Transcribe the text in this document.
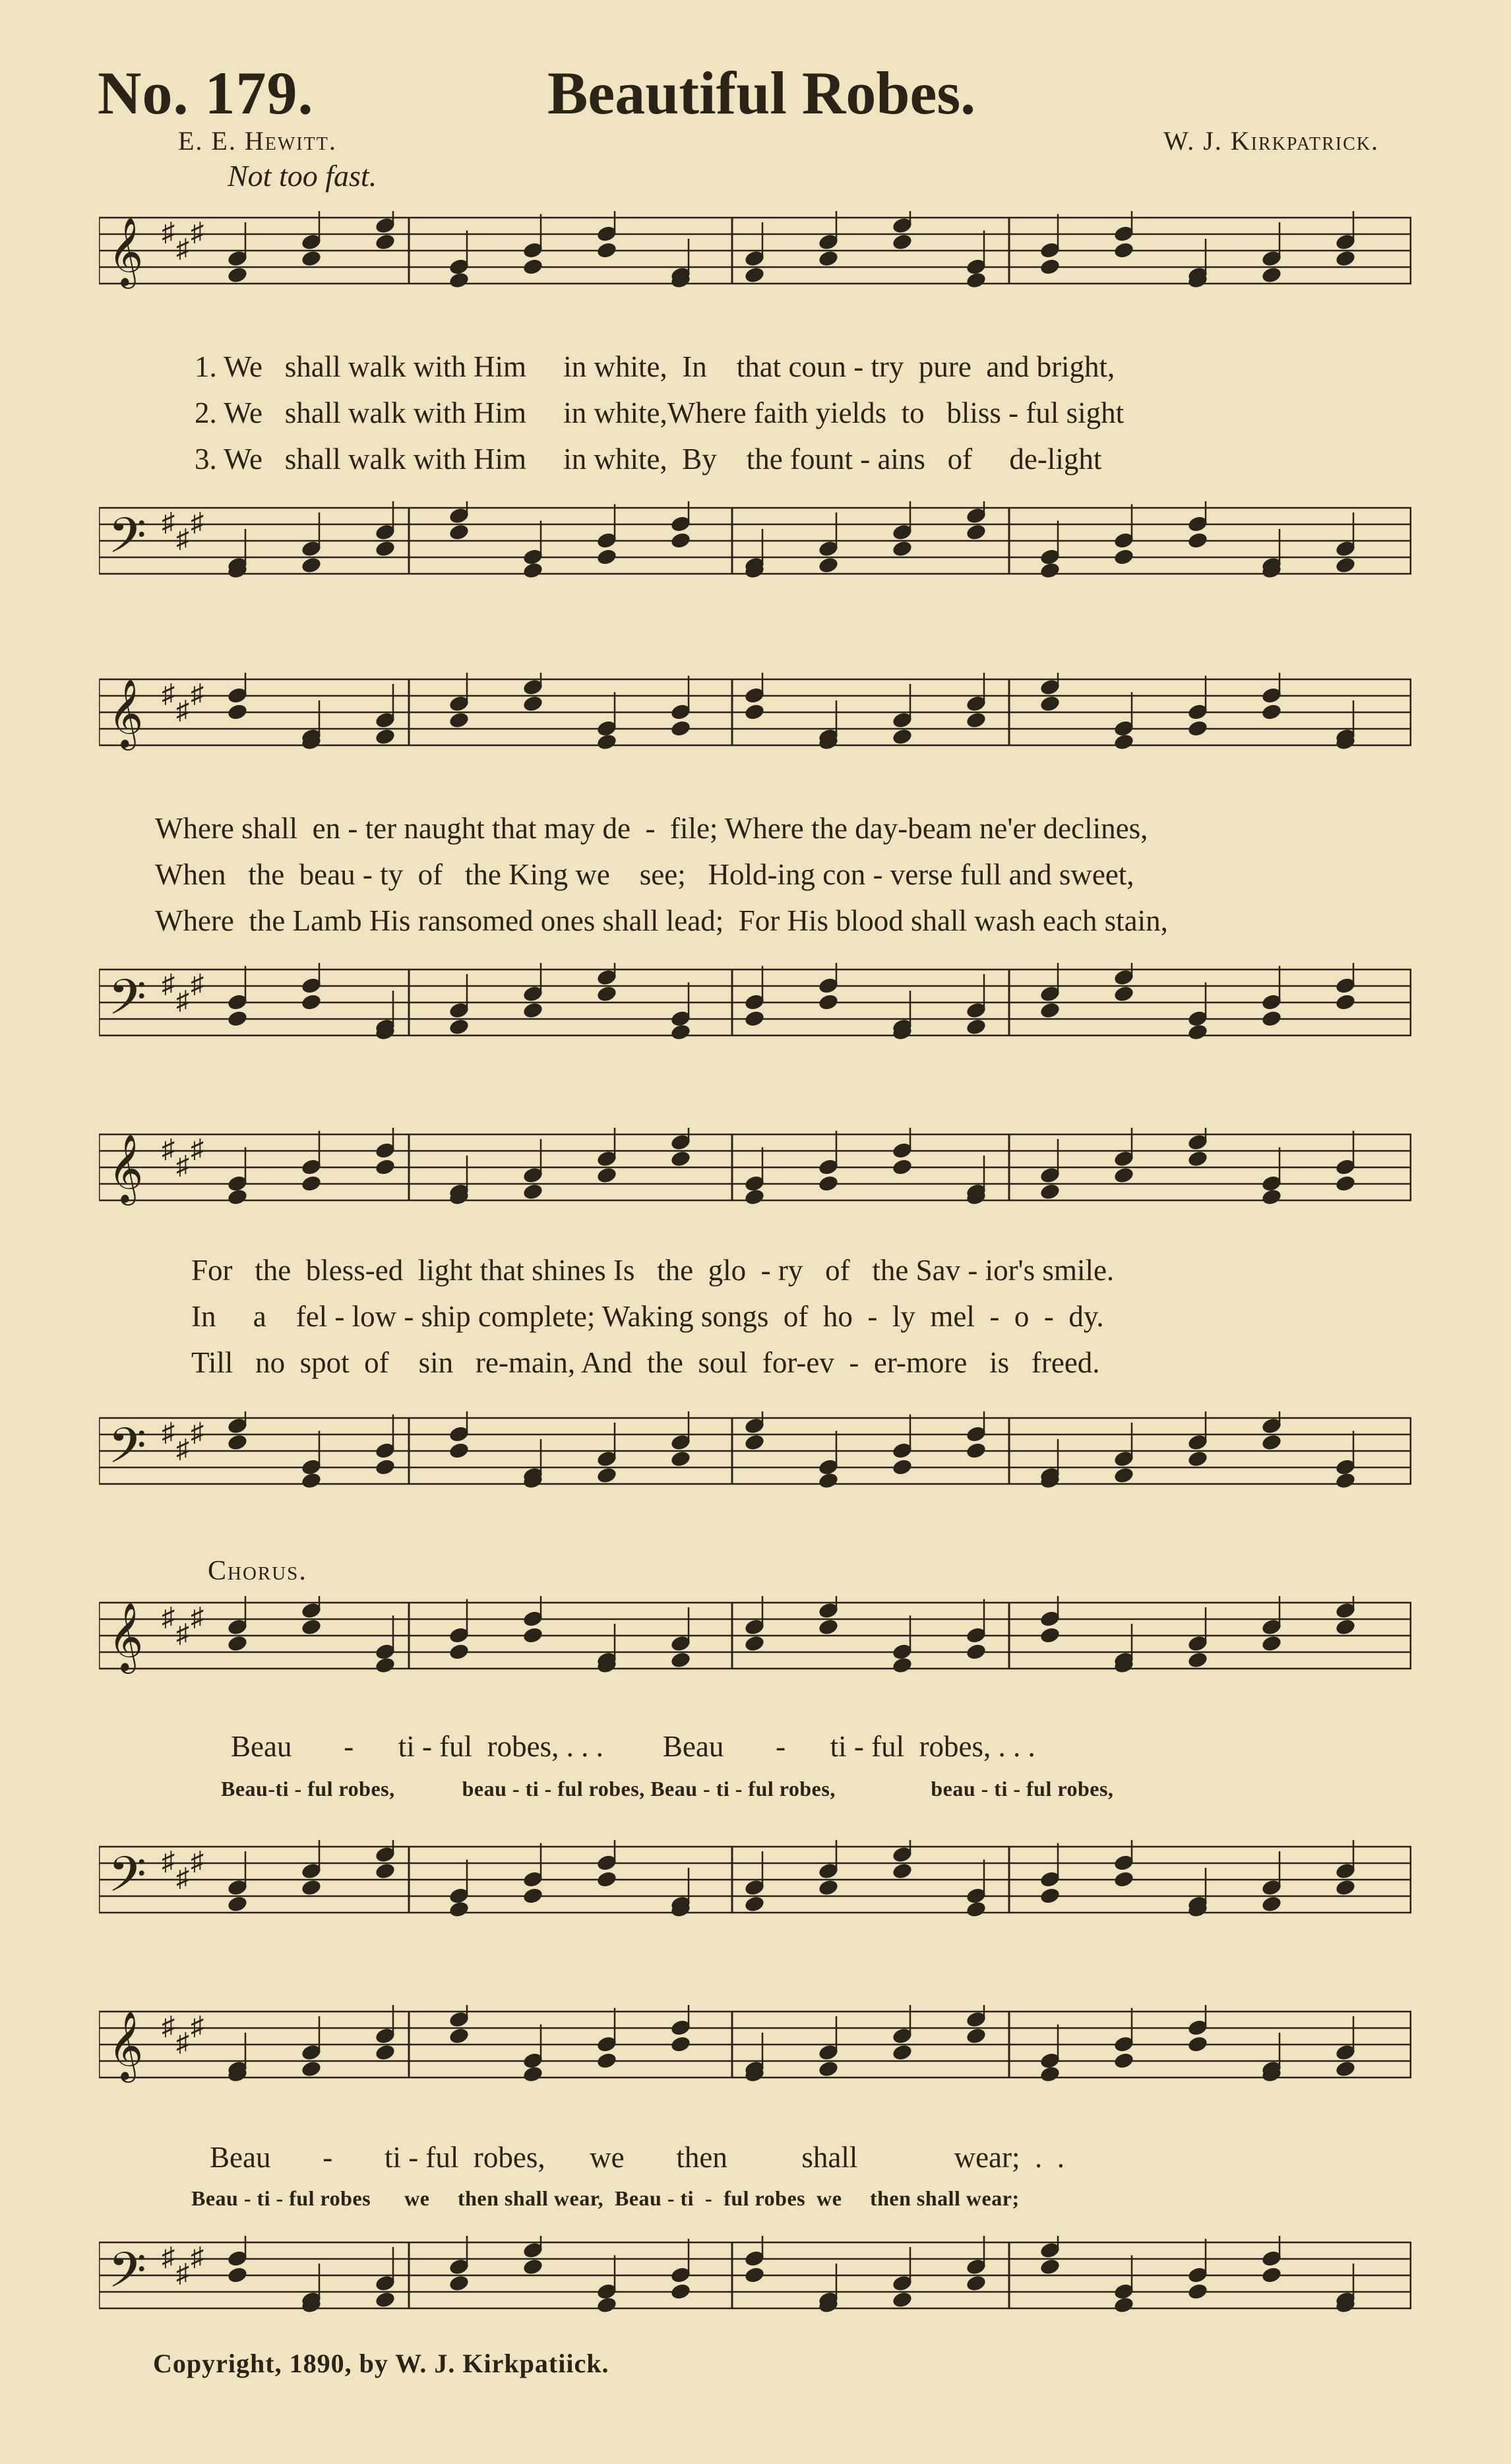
No. 179.	Beautiful Robes.
E. E. Hewitt.	W. J. Kirkpatrick.
Not too fast.
𝄞 ♯
♯
♯
1. We   shall walk with Him     in white,  In    that coun - try  pure  and bright,
2. We   shall walk with Him     in white,Where faith yields  to   bliss - ful sight
3. We   shall walk with Him     in white,  By    the fount - ains   of     de-light
𝄢 ♯
♯
♯
𝄞 ♯
♯
♯
Where shall  en - ter naught that may de  -  file; Where the day-beam ne'er declines,
When   the  beau - ty  of   the King we    see;   Hold-ing con - verse full and sweet,
Where  the Lamb His ransomed ones shall lead;  For His blood shall wash each stain,
𝄢 ♯
♯
♯
𝄞 ♯
♯
♯
For   the  bless-ed  light that shines Is   the  glo  - ry   of   the Sav - ior's smile.
In     a    fel - low - ship complete; Waking songs  of  ho  -  ly  mel  -  o  -  dy.
Till   no  spot  of    sin   re-main, And  the  soul  for-ev  -  er-more   is   freed.
𝄢 ♯
♯
♯
Chorus.
𝄞 ♯
♯
♯
Beau       -      ti - ful  robes, . . .        Beau       -      ti - ful  robes, . . .
Beau-ti - ful robes,            beau - ti - ful robes, Beau - ti - ful robes,                 beau - ti - ful robes,
𝄢 ♯
♯
♯
𝄞 ♯
♯
♯
Beau       -       ti - ful  robes,      we       then          shall             wear;  .  .
Beau - ti - ful robes      we     then shall wear,  Beau - ti  -  ful robes  we     then shall wear;
𝄢 ♯
♯
♯
Copyright, 1890, by W. J. Kirkpatiick.
